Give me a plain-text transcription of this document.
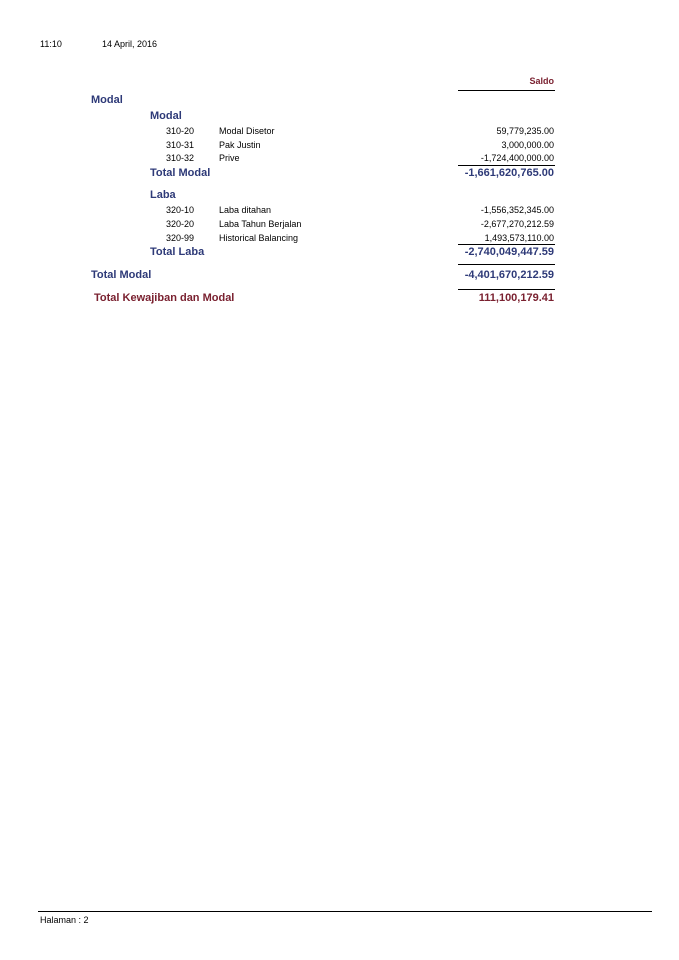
11:10	14 April, 2016
Saldo
Modal
Modal
310-20	Modal Disetor	59,779,235.00
310-31	Pak Justin	3,000,000.00
310-32	Prive	-1,724,400,000.00
Total Modal	-1,661,620,765.00
Laba
320-10	Laba ditahan	-1,556,352,345.00
320-20	Laba Tahun Berjalan	-2,677,270,212.59
320-99	Historical Balancing	1,493,573,110.00
Total Laba	-2,740,049,447.59
Total Modal	-4,401,670,212.59
Total Kewajiban dan Modal	111,100,179.41
Halaman : 2
